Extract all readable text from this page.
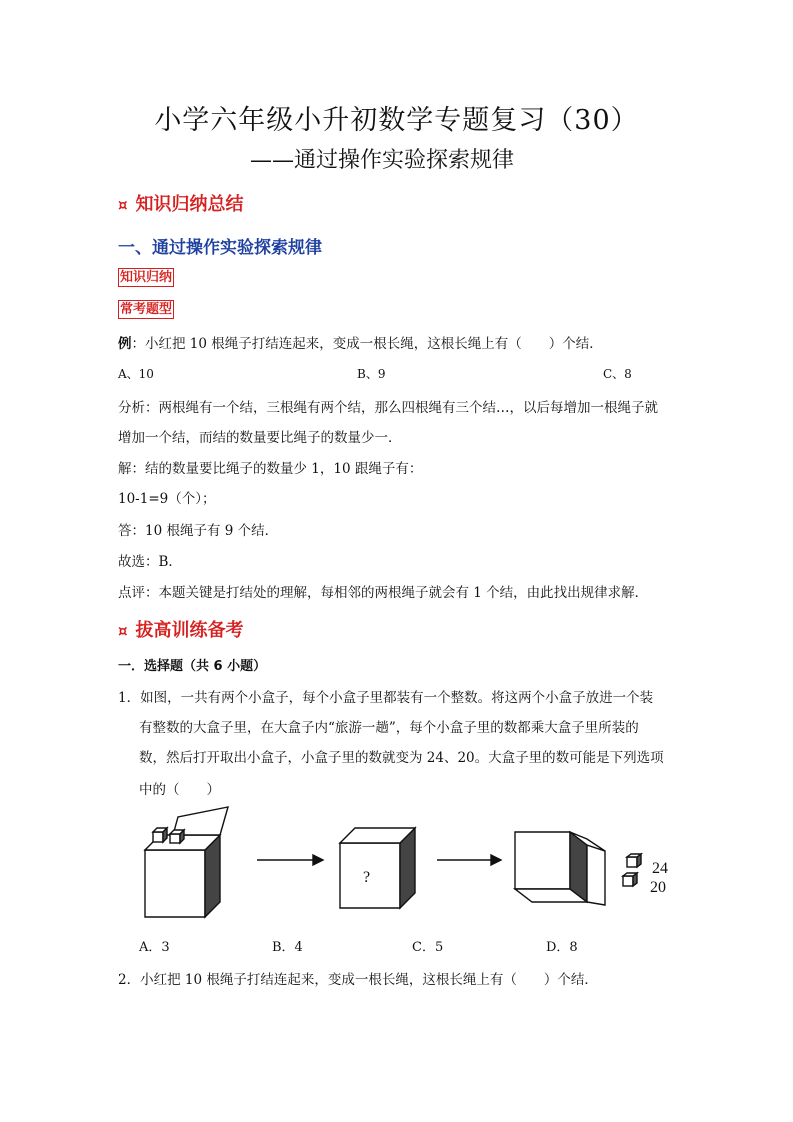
小学六年级小升初数学专题复习（30）
——通过操作实验探索规律
¤ 知识归纳总结
一、通过操作实验探索规律
知识归纳
常考题型
例：小红把 10 根绳子打结连起来，变成一根长绳，这根长绳上有（　　）个结．
A、10	B、9	C、8
分析：两根绳有一个结，三根绳有两个结，那么四根绳有三个结…，以后每增加一根绳子就
增加一个结，而结的数量要比绳子的数量少一．
解：结的数量要比绳子的数量少 1，10 跟绳子有：
10-1=9（个）；
答：10 根绳子有 9 个结．
故选：B．
点评：本题关键是打结处的理解，每相邻的两根绳子就会有 1 个结，由此找出规律求解．
¤ 拔高训练备考
一．选择题（共 6 小题）
1．如图，一共有两个小盒子，每个小盒子里都装有一个整数。将这两个小盒子放进一个装
有整数的大盒子里，在大盒子内“旅游一趟”，每个小盒子里的数都乘大盒子里所装的
数，然后打开取出小盒子，小盒子里的数就变为 24、20。大盒子里的数可能是下列选项
中的（　　）
?
24
20
A．3	B．4	C．5	D．8
2．小红把 10 根绳子打结连起来，变成一根长绳，这根长绳上有（　　）个结．
